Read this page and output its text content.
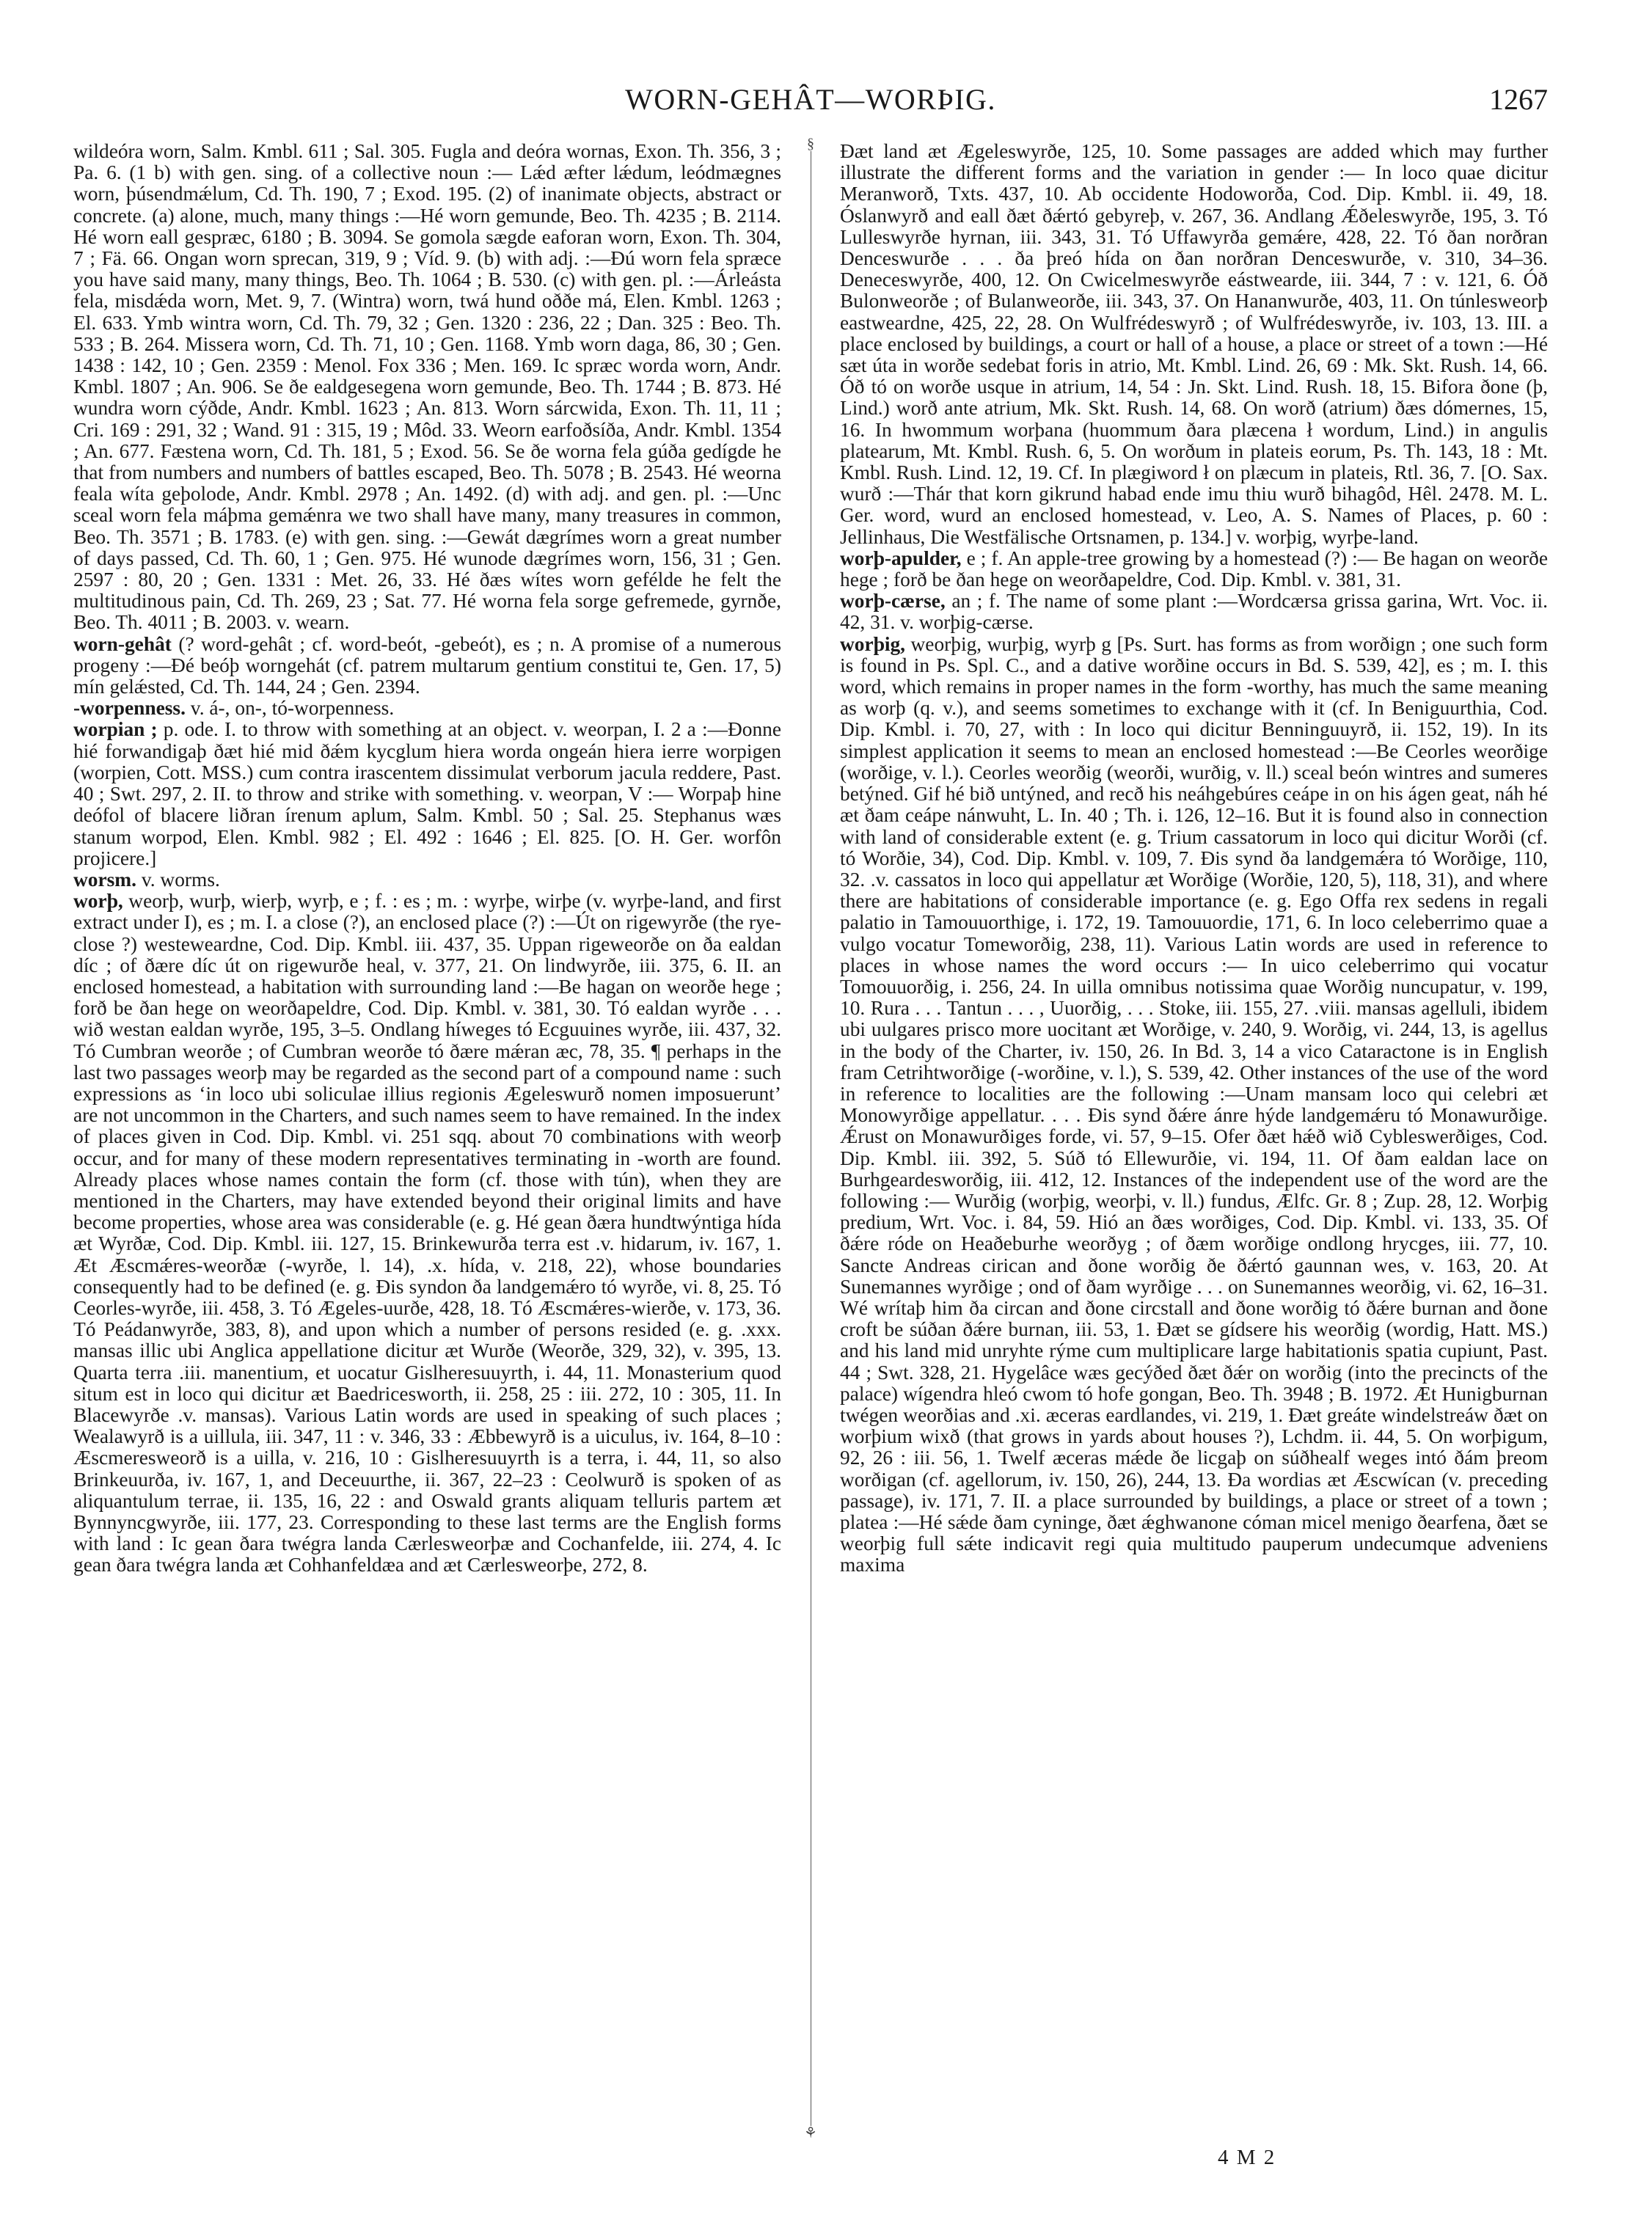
WORN-GEHÂT—WORÞIG.	1267

wildeóra worn, Salm. Kmbl. 611 ; Sal. 305. Fugla and deóra wornas, Exon. Th. 356, 3 ; Pa. 6. (1 b) with gen. sing. of a collective noun :— Lǽd æfter lǽdum, leódmægnes worn, þúsendmǽlum, Cd. Th. 190, 7 ; Exod. 195. (2) of inanimate objects, abstract or concrete. (a) alone, much, many things :—Hé worn gemunde, Beo. Th. 4235 ; B. 2114. Hé worn eall gespræc, 6180 ; B. 3094. Se gomola sægde eaforan worn, Exon. Th. 304, 7 ; Fä. 66. Ongan worn sprecan, 319, 9 ; Víd. 9. (b) with adj. :—Ðú worn fela spræce you have said many, many things, Beo. Th. 1064 ; B. 530. (c) with gen. pl. :—Árleásta fela, misdǽda worn, Met. 9, 7. (Wintra) worn, twá hund oððe má, Elen. Kmbl. 1263 ; El. 633. Ymb wintra worn, Cd. Th. 79, 32 ; Gen. 1320 : 236, 22 ; Dan. 325 : Beo. Th. 533 ; B. 264. Missera worn, Cd. Th. 71, 10 ; Gen. 1168. Ymb worn daga, 86, 30 ; Gen. 1438 : 142, 10 ; Gen. 2359 : Menol. Fox 336 ; Men. 169. Ic spræc worda worn, Andr. Kmbl. 1807 ; An. 906. Se ðe ealdgesegena worn gemunde, Beo. Th. 1744 ; B. 873. Hé wundra worn cýðde, Andr. Kmbl. 1623 ; An. 813. Worn sárcwida, Exon. Th. 11, 11 ; Cri. 169 : 291, 32 ; Wand. 91 : 315, 19 ; Môd. 33. Weorn earfoðsíða, Andr. Kmbl. 1354 ; An. 677. Fæstena worn, Cd. Th. 181, 5 ; Exod. 56. Se ðe worna fela gúða gedígde he that from numbers and numbers of battles escaped, Beo. Th. 5078 ; B. 2543. Hé weorna feala wíta geþolode, Andr. Kmbl. 2978 ; An. 1492. (d) with adj. and gen. pl. :—Unc sceal worn fela máþma gemǽnra we two shall have many, many treasures in common, Beo. Th. 3571 ; B. 1783. (e) with gen. sing. :—Gewát dægrímes worn a great number of days passed, Cd. Th. 60, 1 ; Gen. 975. Hé wunode dægrímes worn, 156, 31 ; Gen. 2597 : 80, 20 ; Gen. 1331 : Met. 26, 33. Hé ðæs wítes worn gefélde he felt the multitudinous pain, Cd. Th. 269, 23 ; Sat. 77. Hé worna fela sorge gefremede, gyrnðe, Beo. Th. 4011 ; B. 2003. v. wearn.

worn-gehât (? word-gehât ; cf. word-beót, -gebeót), es ; n. A promise of a numerous progeny :—Ðé beóþ worngehát (cf. patrem multarum gentium constitui te, Gen. 17, 5) mín gelǽsted, Cd. Th. 144, 24 ; Gen. 2394.

-worpenness. v. á-, on-, tó-worpenness.

worpian ; p. ode. I. to throw with something at an object. v. weorpan, I. 2 a :—Ðonne hié forwandigaþ ðæt hié mid ðǽm kycglum hiera worda ongeán hiera ierre worpigen (worpien, Cott. MSS.) cum contra irascentem dissimulat verborum jacula reddere, Past. 40 ; Swt. 297, 2. II. to throw and strike with something. v. weorpan, V :— Worpaþ hine deófol of blacere liðran írenum aplum, Salm. Kmbl. 50 ; Sal. 25. Stephanus wæs stanum worpod, Elen. Kmbl. 982 ; El. 492 : 1646 ; El. 825. [O. H. Ger. worfôn projicere.]

worsm. v. worms.

worþ, weorþ, wurþ, wierþ, wyrþ, e ; f. : es ; m. : wyrþe, wirþe (v. wyrþe-land, and first extract under I), es ; m. I. a close (?), an enclosed place (?) :—Út on rigewyrðe (the rye-close ?) westeweardne, Cod. Dip. Kmbl. iii. 437, 35. Uppan rigeweorðe on ða ealdan díc ; of ðære díc út on rigewurðe heal, v. 377, 21. On lindwyrðe, iii. 375, 6. II. an enclosed homestead, a habitation with surrounding land :—Be hagan on weorðe hege ; forð be ðan hege on weorðapeldre, Cod. Dip. Kmbl. v. 381, 30. Tó ealdan wyrðe . . . wið westan ealdan wyrðe, 195, 3–5. Ondlang híweges tó Ecguuines wyrðe, iii. 437, 32. Tó Cumbran weorðe ; of Cumbran weorðe tó ðære mǽran æc, 78, 35. ¶ perhaps in the last two passages weorþ may be regarded as the second part of a compound name : such expressions as ‘in loco ubi soliculae illius regionis Ægeleswurð nomen imposuerunt’ are not uncommon in the Charters, and such names seem to have remained. In the index of places given in Cod. Dip. Kmbl. vi. 251 sqq. about 70 combinations with weorþ occur, and for many of these modern representatives terminating in -worth are found. Already places whose names contain the form (cf. those with tún), when they are mentioned in the Charters, may have extended beyond their original limits and have become properties, whose area was considerable (e. g. Hé gean ðæra hundtwýntiga hída æt Wyrðæ, Cod. Dip. Kmbl. iii. 127, 15. Brinkewurða terra est .v. hidarum, iv. 167, 1. Æt Æscmǽres-weorðæ (-wyrðe, l. 14), .x. hída, v. 218, 22), whose boundaries consequently had to be defined (e. g. Ðis syndon ða landgemǽro tó wyrðe, vi. 8, 25. Tó Ceorles-wyrðe, iii. 458, 3. Tó Ægeles-uurðe, 428, 18. Tó Æscmǽres-wierðe, v. 173, 36. Tó Peádanwyrðe, 383, 8), and upon which a number of persons resided (e. g. .xxx. mansas illic ubi Anglica appellatione dicitur æt Wurðe (Weorðe, 329, 32), v. 395, 13. Quarta terra .iii. manentium, et uocatur Gislheresuuyrth, i. 44, 11. Monasterium quod situm est in loco qui dicitur æt Baedricesworth, ii. 258, 25 : iii. 272, 10 : 305, 11. In Blacewyrðe .v. mansas). Various Latin words are used in speaking of such places ; Wealawyrð is a uillula, iii. 347, 11 : v. 346, 33 : Æbbewyrð is a uiculus, iv. 164, 8–10 : Æscmeresweorð is a uilla, v. 216, 10 : Gislheresuuyrth is a terra, i. 44, 11, so also Brinkeuurða, iv. 167, 1, and Deceuurthe, ii. 367, 22–23 : Ceolwurð is spoken of as aliquantulum terrae, ii. 135, 16, 22 : and Oswald grants aliquam telluris partem æt Bynnyncgwyrðe, iii. 177, 23. Corresponding to these last terms are the English forms with land : Ic gean ðara twégra landa Cærlesweorþæ and Cochanfelde, iii. 274, 4. Ic gean ðara twégra landa æt Cohhanfeldæa and æt Cærlesweorþe, 272, 8.

§
⚘

Ðæt land æt Ægeleswyrðe, 125, 10. Some passages are added which may further illustrate the different forms and the variation in gender :— In loco quae dicitur Meranworð, Txts. 437, 10. Ab occidente Hodoworða, Cod. Dip. Kmbl. ii. 49, 18. Óslanwyrð and eall ðæt ðǽrtó gebyreþ, v. 267, 36. Andlang Ǽðeleswyrðe, 195, 3. Tó Lulleswyrðe hyrnan, iii. 343, 31. Tó Uffawyrða gemǽre, 428, 22. Tó ðan norðran Denceswurðe . . . ða þreó hída on ðan norðran Denceswurðe, v. 310, 34–36. Deneceswyrðe, 400, 12. On Cwicelmeswyrðe eástwearde, iii. 344, 7 : v. 121, 6. Óð Bulonweorðe ; of Bulanweorðe, iii. 343, 37. On Hananwurðe, 403, 11. On túnlesweorþ eastweardne, 425, 22, 28. On Wulfrédeswyrð ; of Wulfrédeswyrðe, iv. 103, 13. III. a place enclosed by buildings, a court or hall of a house, a place or street of a town :—Hé sæt úta in worðe sedebat foris in atrio, Mt. Kmbl. Lind. 26, 69 : Mk. Skt. Rush. 14, 66. Óð tó on worðe usque in atrium, 14, 54 : Jn. Skt. Lind. Rush. 18, 15. Bifora ðone (þ, Lind.) worð ante atrium, Mk. Skt. Rush. 14, 68. On worð (atrium) ðæs dómernes, 15, 16. In hwommum worþana (huommum ðara plæcena ł wordum, Lind.) in angulis platearum, Mt. Kmbl. Rush. 6, 5. On worðum in plateis eorum, Ps. Th. 143, 18 : Mt. Kmbl. Rush. Lind. 12, 19. Cf. In plægiword ł on plæcum in plateis, Rtl. 36, 7. [O. Sax. wurð :—Thár that korn gikrund habad ende imu thiu wurð bihagôd, Hêl. 2478. M. L. Ger. word, wurd an enclosed homestead, v. Leo, A. S. Names of Places, p. 60 : Jellinhaus, Die Westfälische Ortsnamen, p. 134.] v. worþig, wyrþe-land.

worþ-apulder, e ; f. An apple-tree growing by a homestead (?) :— Be hagan on weorðe hege ; forð be ðan hege on weorðapeldre, Cod. Dip. Kmbl. v. 381, 31.

worþ-cærse, an ; f. The name of some plant :—Wordcærsa grissa garina, Wrt. Voc. ii. 42, 31. v. worþig-cærse.

worþig, weorþig, wurþig, wyrþ g [Ps. Surt. has forms as from worðign ; one such form is found in Ps. Spl. C., and a dative worðine occurs in Bd. S. 539, 42], es ; m. I. this word, which remains in proper names in the form -worthy, has much the same meaning as worþ (q. v.), and seems sometimes to exchange with it (cf. In Beniguurthia, Cod. Dip. Kmbl. i. 70, 27, with : In loco qui dicitur Benninguuyrð, ii. 152, 19). In its simplest application it seems to mean an enclosed homestead :—Be Ceorles weorðige (worðige, v. l.). Ceorles weorðig (weorði, wurðig, v. ll.) sceal beón wintres and sumeres betýned. Gif hé bið untýned, and recð his neáhgebúres ceápe in on his ágen geat, náh hé æt ðam ceápe nánwuht, L. In. 40 ; Th. i. 126, 12–16. But it is found also in connection with land of considerable extent (e. g. Trium cassatorum in loco qui dicitur Worði (cf. tó Worðie, 34), Cod. Dip. Kmbl. v. 109, 7. Ðis synd ða landgemǽra tó Worðige, 110, 32. .v. cassatos in loco qui appellatur æt Worðige (Worðie, 120, 5), 118, 31), and where there are habitations of considerable importance (e. g. Ego Offa rex sedens in regali palatio in Tamouuorthige, i. 172, 19. Tamouuordie, 171, 6. In loco celeberrimo quae a vulgo vocatur Tomeworðig, 238, 11). Various Latin words are used in reference to places in whose names the word occurs :— In uico celeberrimo qui vocatur Tomouuorðig, i. 256, 24. In uilla omnibus notissima quae Worðig nuncupatur, v. 199, 10. Rura . . . Tantun . . . , Uuorðig, . . . Stoke, iii. 155, 27. .viii. mansas agelluli, ibidem ubi uulgares prisco more uocitant æt Worðige, v. 240, 9. Worðig, vi. 244, 13, is agellus in the body of the Charter, iv. 150, 26. In Bd. 3, 14 a vico Cataractone is in English fram Cetrihtworðige (-worðine, v. l.), S. 539, 42. Other instances of the use of the word in reference to localities are the following :—Unam mansam loco qui celebri æt Monowyrðige appellatur. . . . Ðis synd ðǽre ánre hýde landgemǽru tó Monawurðige. Ǽrust on Monawurðiges forde, vi. 57, 9–15. Ofer ðæt hǽð wið Cybleswerðiges, Cod. Dip. Kmbl. iii. 392, 5. Súð tó Ellewurðie, vi. 194, 11. Of ðam ealdan lace on Burhgeardesworðig, iii. 412, 12. Instances of the independent use of the word are the following :— Wurðig (worþig, weorþi, v. ll.) fundus, Ælfc. Gr. 8 ; Zup. 28, 12. Worþig predium, Wrt. Voc. i. 84, 59. Hió an ðæs worðiges, Cod. Dip. Kmbl. vi. 133, 35. Of ðǽre róde on Heaðeburhe weorðyg ; of ðæm worðige ondlong hrycges, iii. 77, 10. Sancte Andreas cirican and ðone worðig ðe ðǽrtó gaunnan wes, v. 163, 20. At Sunemannes wyrðige ; ond of ðam wyrðige . . . on Sunemannes weorðig, vi. 62, 16–31. Wé wrítaþ him ða circan and ðone circstall and ðone worðig tó ðǽre burnan and ðone croft be súðan ðǽre burnan, iii. 53, 1. Ðæt se gídsere his weorðig (wordig, Hatt. MS.) and his land mid unryhte rýme cum multiplicare large habitationis spatia cupiunt, Past. 44 ; Swt. 328, 21. Hygelâce wæs gecýðed ðæt ðǽr on worðig (into the precincts of the palace) wígendra hleó cwom tó hofe gongan, Beo. Th. 3948 ; B. 1972. Æt Hunigburnan twégen weorðias and .xi. æceras eardlandes, vi. 219, 1. Ðæt greáte windelstreáw ðæt on worþium wixð (that grows in yards about houses ?), Lchdm. ii. 44, 5. On worþigum, 92, 26 : iii. 56, 1. Twelf æceras mǽde ðe licgaþ on súðhealf weges intó ðám þreom worðigan (cf. agellorum, iv. 150, 26), 244, 13. Ða wordias æt Æscwícan (v. preceding passage), iv. 171, 7. II. a place surrounded by buildings, a place or street of a town ; platea :—Hé sǽde ðam cyninge, ðæt ǽghwanone cóman micel menigo ðearfena, ðæt se weorþig full sǽte indicavit regi quia multitudo pauperum undecumque adveniens maxima

4 M 2
